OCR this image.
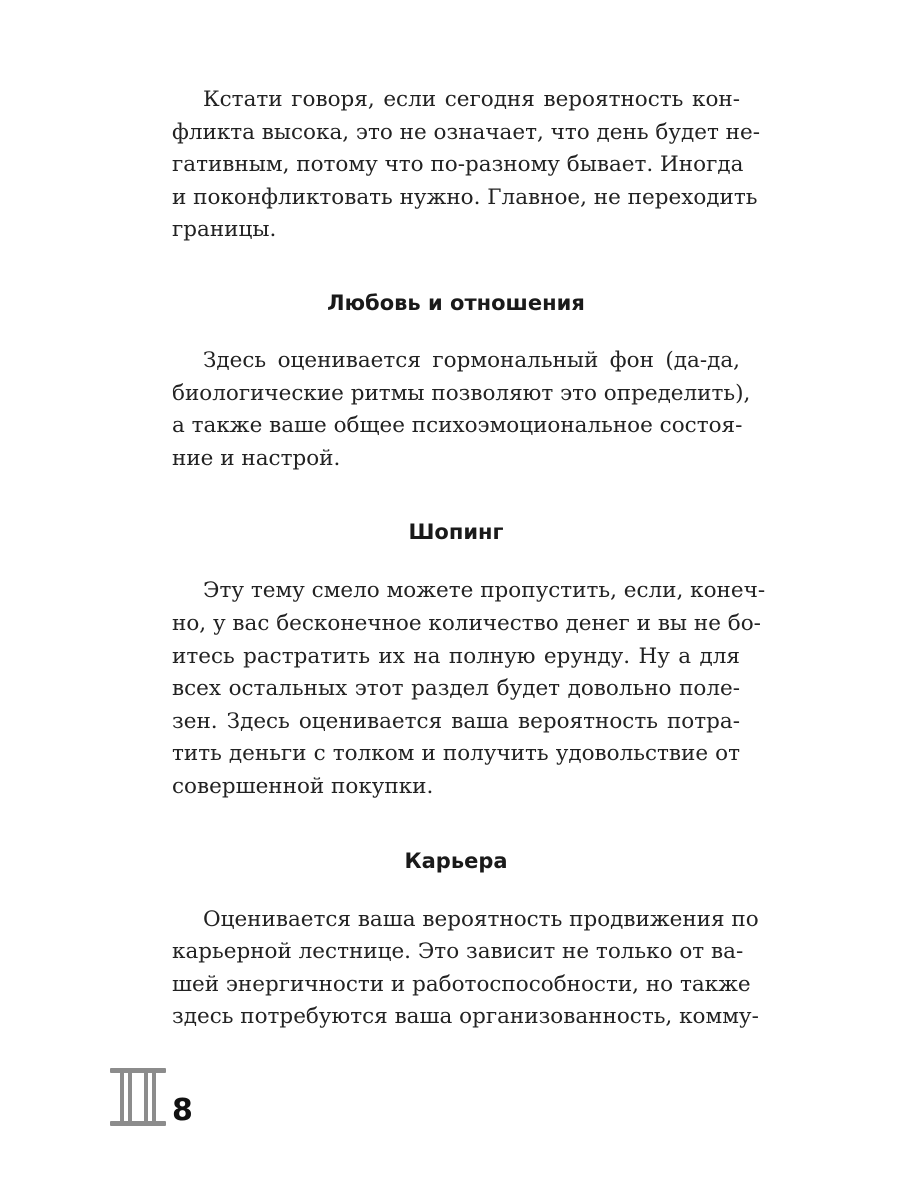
Кстати говоря, если сегодня вероятность кон-
фликта высока, это не означает, что день будет не-
гативным, потому что по-разному бывает. Иногда
и поконфликтовать нужно. Главное, не переходить
границы.
Любовь и отношения
Здесь оценивается гормональный фон (да-да,
биологические ритмы позволяют это определить),
а также ваше общее психоэмоциональное состоя-
ние и настрой.
Шопинг
Эту тему смело можете пропустить, если, конеч-
но, у вас бесконечное количество денег и вы не бо-
итесь растратить их на полную ерунду. Ну а для
всех остальных этот раздел будет довольно поле-
зен. Здесь оценивается ваша вероятность потра-
тить деньги с толком и получить удовольствие от
совершенной покупки.
Карьера
Оценивается ваша вероятность продвижения по
карьерной лестнице. Это зависит не только от ва-
шей энергичности и работоспособности, но также
здесь потребуются ваша организованность, комму-
8
